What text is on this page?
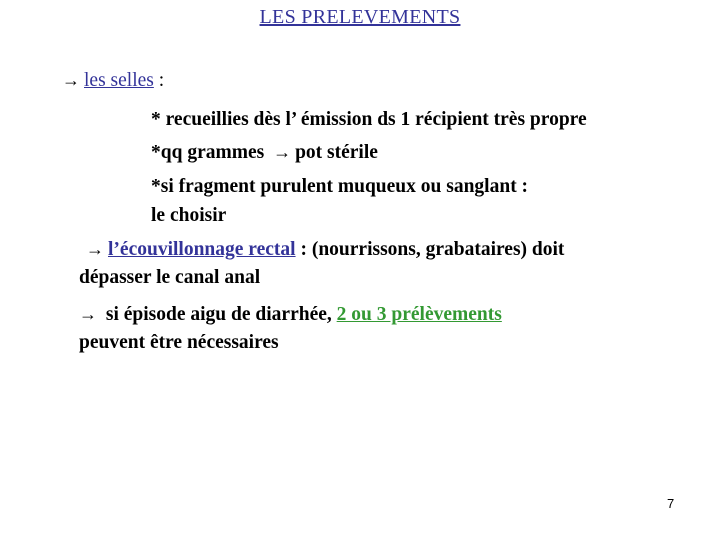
LES PRELEVEMENTS
→ les selles :
* recueillies dès l’ émission ds 1 récipient très propre
*qq grammes → pot stérile
*si fragment purulent muqueux ou sanglant :
le choisir
→ l’écouvillonnage rectal : (nourrissons, grabataires) doit
dépasser le canal anal
→ si épisode aigu de diarrhée, 2 ou 3 prélèvements
peuvent être nécessaires
7
